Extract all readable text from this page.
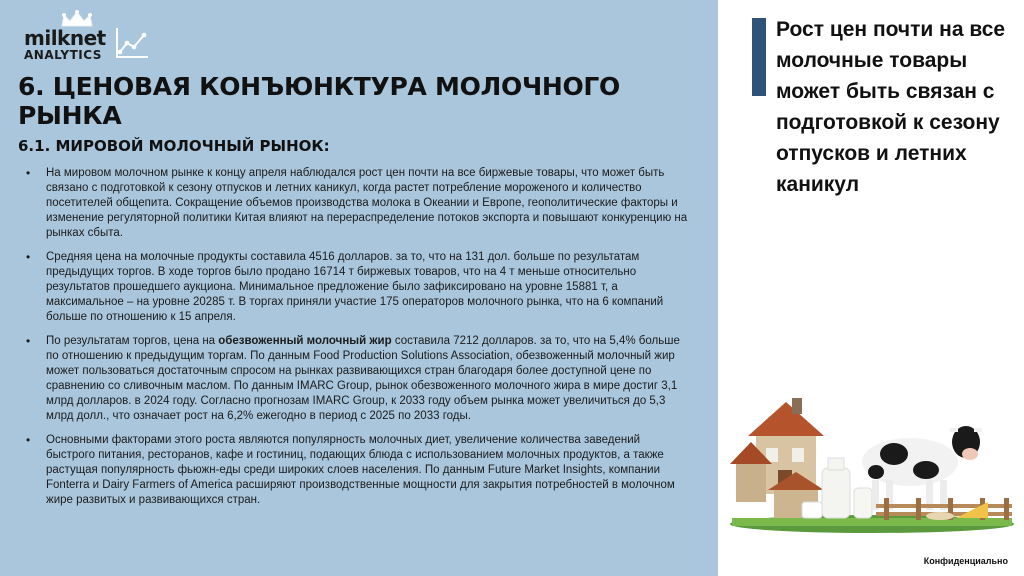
milknet
ANALYTICS
6. ЦЕНОВАЯ КОНЪЮНКТУРА МОЛОЧНОГО РЫНКА
6.1. МИРОВОЙ МОЛОЧНЫЙ РЫНОК:
• На мировом молочном рынке к концу апреля наблюдался рост цен почти на все биржевые товары, что может быть связано с подготовкой к сезону отпусков и летних каникул, когда растет потребление мороженого и количество посетителей общепита. Сокращение объемов производства молока в Океании и Европе, геополитические факторы и изменение регуляторной политики Китая влияют на перераспределение потоков экспорта и повышают конкуренцию на рынках сбыта.
• Средняя цена на молочные продукты составила 4516 долларов. за то, что на 131 дол. больше по результатам предыдущих торгов. В ходе торгов было продано 16714 т биржевых товаров, что на 4 т меньше относительно результатов прошедшего аукциона. Минимальное предложение было зафиксировано на уровне 15881 т, а максимальное – на уровне 20285 т. В торгах приняли участие 175 операторов молочного рынка, что на 6 компаний больше по отношению к 15 апреля.
• По результатам торгов, цена на обезвоженный молочный жир составила 7212 долларов. за то, что на 5,4% больше по отношению к предыдущим торгам. По данным Food Production Solutions Association, обезвоженный молочный жир может пользоваться достаточным спросом на рынках развивающихся стран благодаря более доступной цене по сравнению со сливочным маслом. По данным IMARC Group, рынок обезвоженного молочного жира в мире достиг 3,1 млрд долларов. в 2024 году. Согласно прогнозам IMARC Group, к 2033 году объем рынка может увеличиться до 5,3 млрд долл., что означает рост на 6,2% ежегодно в период с 2025 по 2033 годы.
• Основными факторами этого роста являются популярность молочных диет, увеличение количества заведений быстрого питания, ресторанов, кафе и гостиниц, подающих блюда с использованием молочных продуктов, а также растущая популярность фьюжн-еды среди широких слоев населения. По данным Future Market Insights, компании Fonterra и Dairy Farmers of America расширяют производственные мощности для закрытия потребностей в молочном жире развитых и развивающихся стран.
Рост цен почти на все молочные товары может быть связан с подготовкой к сезону отпусков и летних каникул
Конфиденциально
